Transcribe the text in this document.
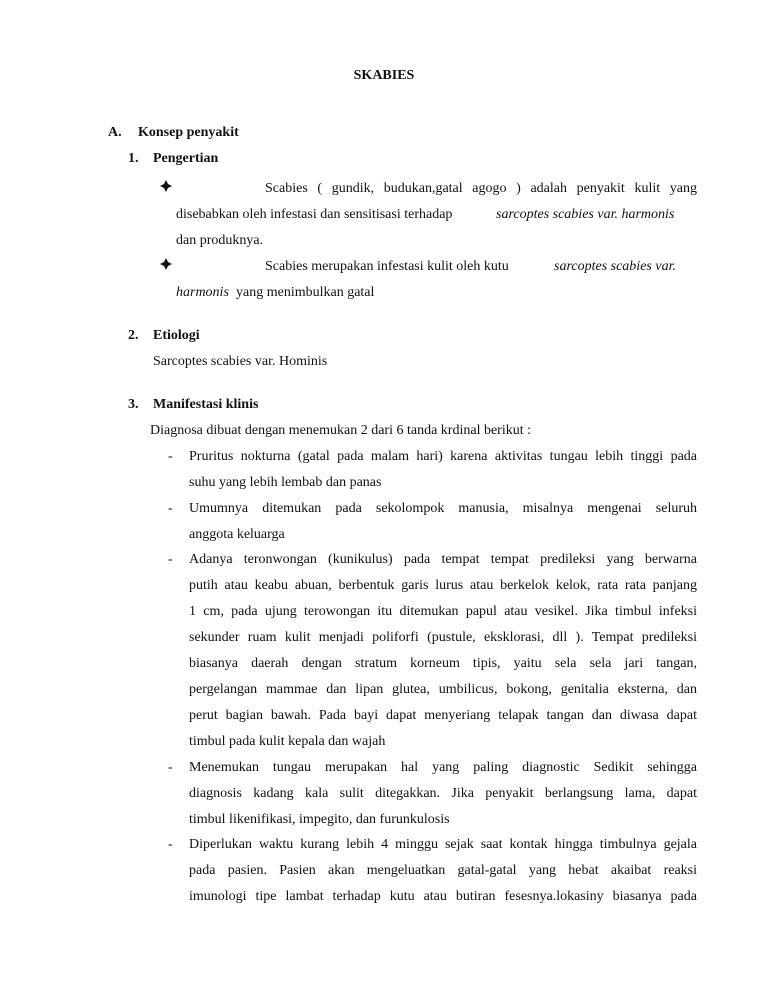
SKABIES
A. Konsep penyakit
1. Pengertian
Scabies ( gundik, budukan,gatal agogo ) adalah penyakit kulit yang
disebabkan oleh infestasi dan sensitisasi terhadap	sarcoptes scabies var. harmonis
dan produknya.
Scabies merupakan infestasi kulit oleh kutu	sarcoptes scabies var.
harmonis yang menimbulkan gatal
2. Etiologi
Sarcoptes scabies var. Hominis
3. Manifestasi klinis
Diagnosa dibuat dengan menemukan 2 dari 6 tanda krdinal berikut :
- Pruritus nokturna (gatal pada malam hari) karena aktivitas tungau lebih tinggi pada
suhu yang lebih lembab dan panas
- Umumnya ditemukan pada sekolompok manusia, misalnya mengenai seluruh
anggota keluarga
- Adanya teronwongan (kunikulus) pada tempat tempat predileksi yang berwarna
putih atau keabu abuan, berbentuk garis lurus atau berkelok kelok, rata rata panjang
1 cm, pada ujung terowongan itu ditemukan papul atau vesikel. Jika timbul infeksi
sekunder ruam kulit menjadi poliforfi (pustule, eksklorasi, dll ). Tempat predileksi
biasanya daerah dengan stratum korneum tipis, yaitu sela sela jari tangan,
pergelangan mammae dan lipan glutea, umbilicus, bokong, genitalia eksterna, dan
perut bagian bawah. Pada bayi dapat menyeriang telapak tangan dan diwasa dapat
timbul pada kulit kepala dan wajah
- Menemukan tungau merupakan hal yang paling diagnostic Sedikit sehingga
diagnosis kadang kala sulit ditegakkan. Jika penyakit berlangsung lama, dapat
timbul likenifikasi, impegito, dan furunkulosis
- Diperlukan waktu kurang lebih 4 minggu sejak saat kontak hingga timbulnya gejala
pada pasien. Pasien akan mengeluatkan gatal-gatal yang hebat akaibat reaksi
imunologi tipe lambat terhadap kutu atau butiran fesesnya.lokasiny biasanya pada
